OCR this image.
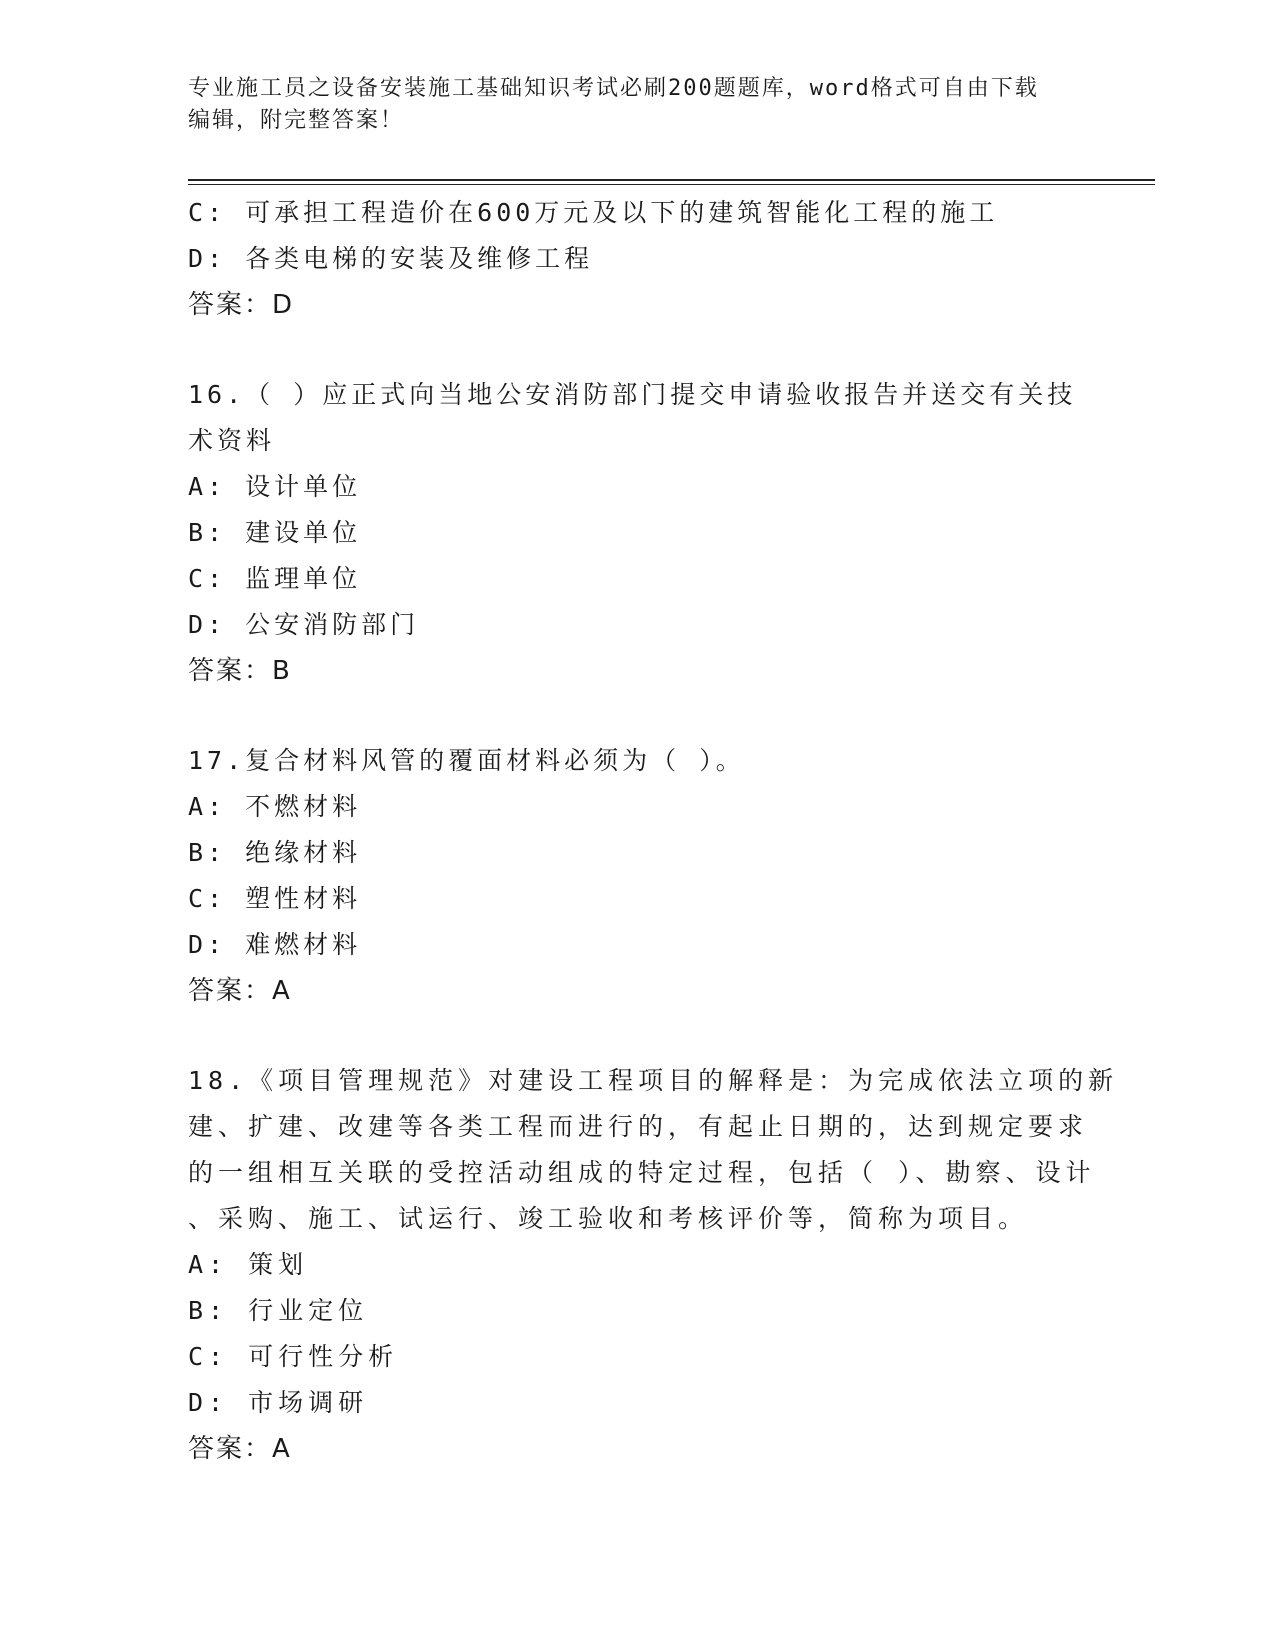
专业施工员之设备安装施工基础知识考试必刷200题题库，word格式可自由下载
编辑，附完整答案！
C: 可承担工程造价在600万元及以下的建筑智能化工程的施工
D: 各类电梯的安装及维修工程
答案：D
16.（ ）应正式向当地公安消防部门提交申请验收报告并送交有关技
术资料
A: 设计单位
B: 建设单位
C: 监理单位
D: 公安消防部门
答案：B
17.复合材料风管的覆面材料必须为（ ）。
A: 不燃材料
B: 绝缘材料
C: 塑性材料
D: 难燃材料
答案：A
18.《项目管理规范》对建设工程项目的解释是：为完成依法立项的新
建、扩建、改建等各类工程而进行的，有起止日期的，达到规定要求
的一组相互关联的受控活动组成的特定过程，包括（ ）、勘察、设计
、采购、施工、试运行、竣工验收和考核评价等，简称为项目。
A: 策划
B: 行业定位
C: 可行性分析
D: 市场调研
答案：A
